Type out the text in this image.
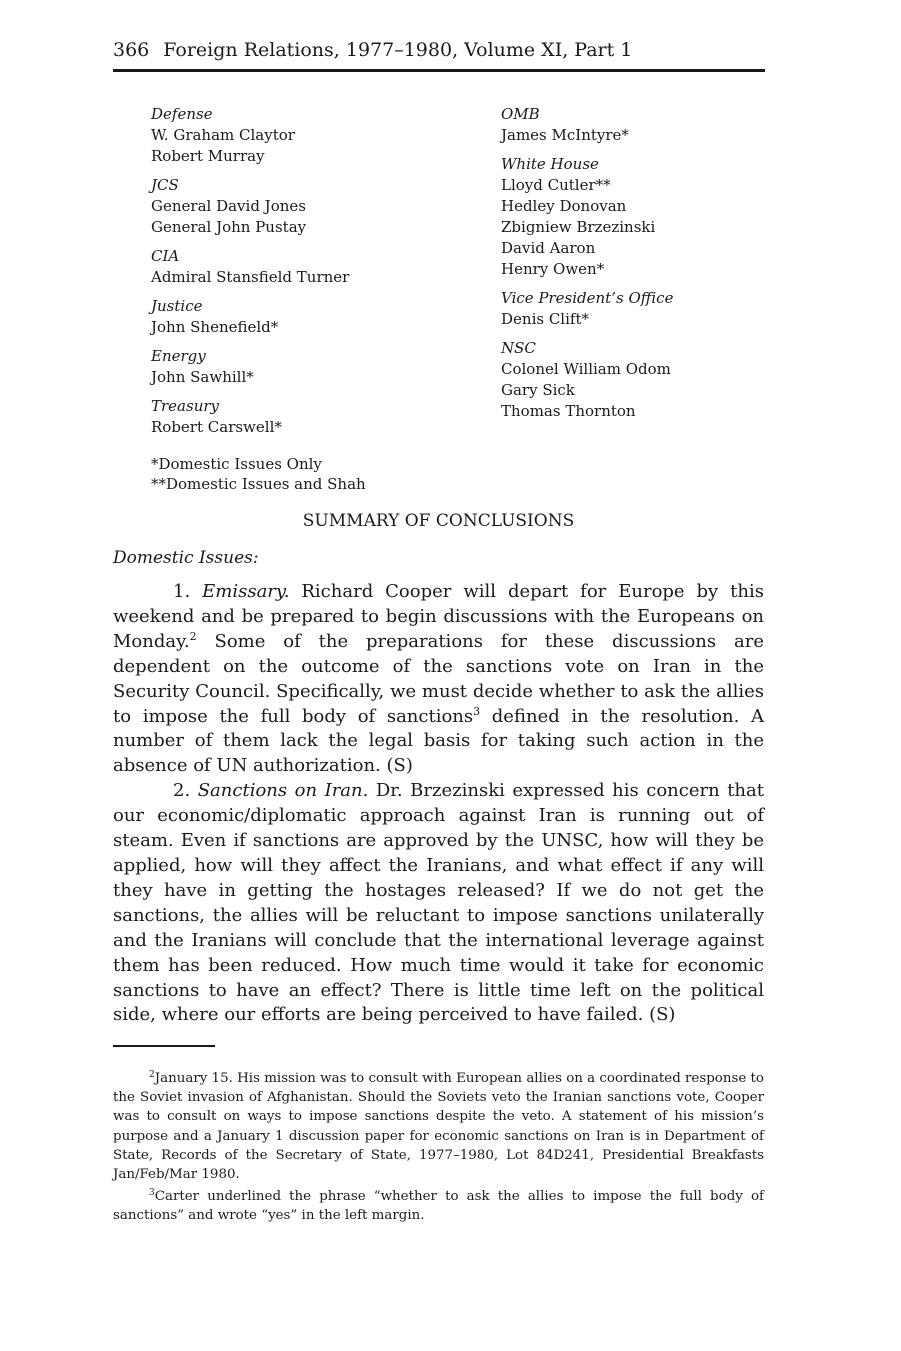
366 Foreign Relations, 1977–1980, Volume XI, Part 1
Defense
W. Graham Claytor
Robert Murray
JCS
General David Jones
General John Pustay
CIA
Admiral Stansfield Turner
Justice
John Shenefield*
Energy
John Sawhill*
Treasury
Robert Carswell*
OMB
James McIntyre*
White House
Lloyd Cutler**
Hedley Donovan
Zbigniew Brzezinski
David Aaron
Henry Owen*
Vice President’s Office
Denis Clift*
NSC
Colonel William Odom
Gary Sick
Thomas Thornton
*Domestic Issues Only
**Domestic Issues and Shah
SUMMARY OF CONCLUSIONS
Domestic Issues:

1. Emissary. Richard Cooper will depart for Europe by this weekend and be prepared to begin discussions with the Europeans on Monday.$^2$ Some of the preparations for these discussions are dependent on the outcome of the sanctions vote on Iran in the Security Council. Specifically, we must decide whether to ask the allies to impose the full body of sanctions$^3$ defined in the resolution. A number of them lack the legal basis for taking such action in the absence of UN authorization. (S)

2. Sanctions on Iran. Dr. Brzezinski expressed his concern that our economic/diplomatic approach against Iran is running out of steam. Even if sanctions are approved by the UNSC, how will they be applied, how will they affect the Iranians, and what effect if any will they have in getting the hostages released? If we do not get the sanctions, the allies will be reluctant to impose sanctions unilaterally and the Iranians will conclude that the international leverage against them has been reduced. How much time would it take for economic sanctions to have an effect? There is little time left on the political side, where our efforts are being perceived to have failed. (S)

$^2$January 15. His mission was to consult with European allies on a coordinated response to the Soviet invasion of Afghanistan. Should the Soviets veto the Iranian sanctions vote, Cooper was to consult on ways to impose sanctions despite the veto. A statement of his mission’s purpose and a January 1 discussion paper for economic sanctions on Iran is in Department of State, Records of the Secretary of State, 1977–1980, Lot 84D241, Presidential Breakfasts Jan/Feb/Mar 1980.

$^3$Carter underlined the phrase “whether to ask the allies to impose the full body of sanctions” and wrote “yes” in the left margin.
